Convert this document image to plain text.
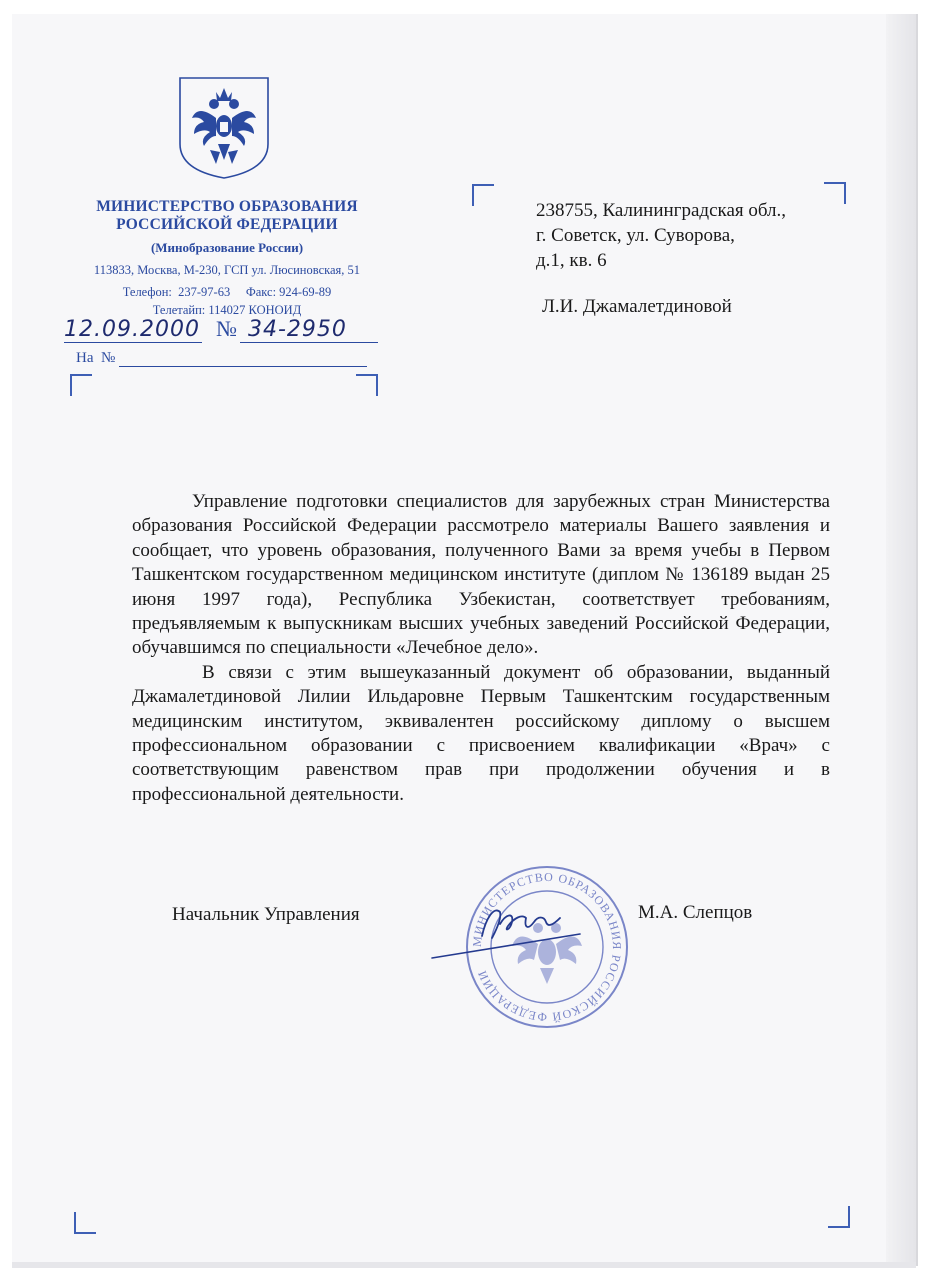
МИНИСТЕРСТВО ОБРАЗОВАНИЯ
РОССИЙСКОЙ ФЕДЕРАЦИИ
(Минобразование России)
113833, Москва, М-230, ГСП ул. Люсиновская, 51
Телефон:  237-97-63     Факс: 924-69-89
Телетайп: 114027 КОНОИД
12.09.2000 № 34-2950
На  №
238755, Калининградская обл.,
г. Советск, ул. Суворова,
д.1, кв. 6
Л.И. Джамалетдиновой

Управление подготовки специалистов для зарубежных стран Министерства образования Российской Федерации рассмотрело материалы Вашего заявления и сообщает, что уровень образования, полученного Вами за время учебы в Первом Ташкентском государственном медицинском институте (диплом № 136189 выдан 25 июня 1997 года), Республика Узбекистан, соответствует требованиям, предъявляемым к выпускникам высших учебных заведений Российской Федерации, обучавшимся по специальности «Лечебное дело».

В связи с этим вышеуказанный документ об образовании, выданный Джамалетдиновой Лилии Ильдаровне Первым Ташкентским государственным медицинским институтом, эквивалентен российскому диплому о высшем профессиональном образовании с присвоением квалификации «Врач» с соответствующим равенством прав при продолжении обучения и в профессиональной деятельности.

Начальник Управления
МИНИСТЕРСТВО ОБРАЗОВАНИЯ РОССИЙСКОЙ ФЕДЕРАЦИИ
М.А. Слепцов
